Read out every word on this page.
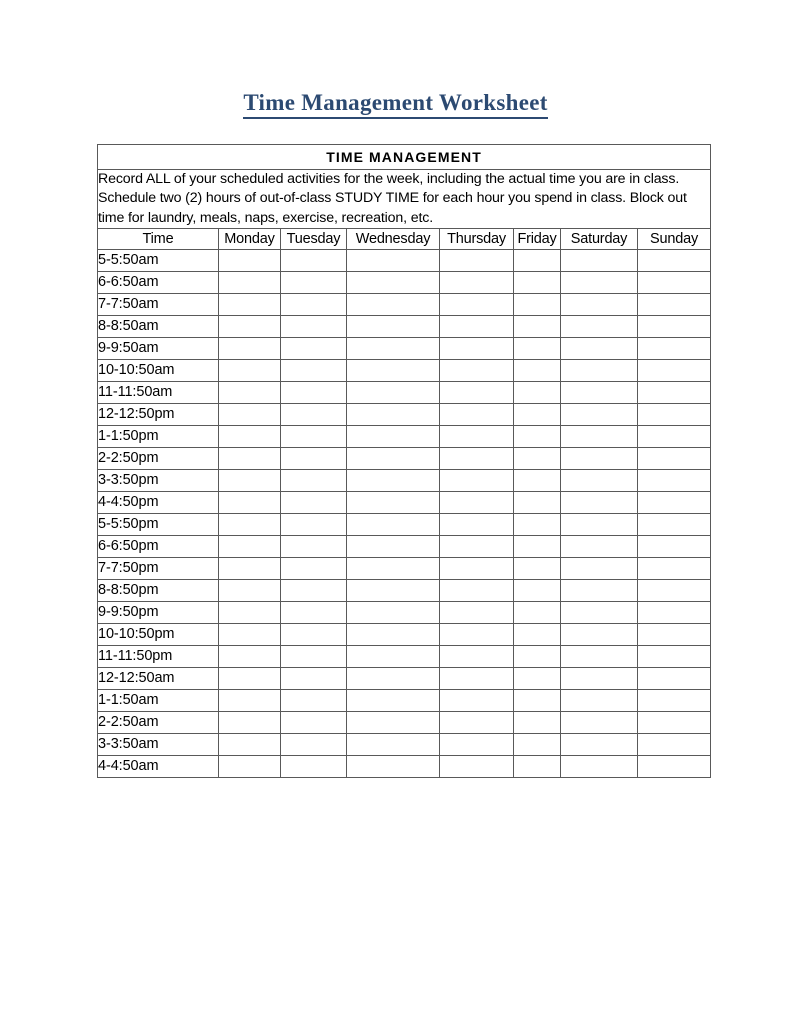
Time Management Worksheet
TIME MANAGEMENT							
Record ALL of your scheduled activities for the week, including the actual time you are in class. Schedule two (2) hours of out-of-class STUDY TIME for each hour you spend in class. Block out time for laundry, meals, naps, exercise, recreation, etc.							
Time	Monday	Tuesday	Wednesday	Thursday	Friday	Saturday	Sunday
5-5:50am							
6-6:50am							
7-7:50am							
8-8:50am							
9-9:50am							
10-10:50am							
11-11:50am							
12-12:50pm							
1-1:50pm							
2-2:50pm							
3-3:50pm							
4-4:50pm							
5-5:50pm							
6-6:50pm							
7-7:50pm							
8-8:50pm							
9-9:50pm							
10-10:50pm							
11-11:50pm							
12-12:50am							
1-1:50am							
2-2:50am							
3-3:50am							
4-4:50am							
